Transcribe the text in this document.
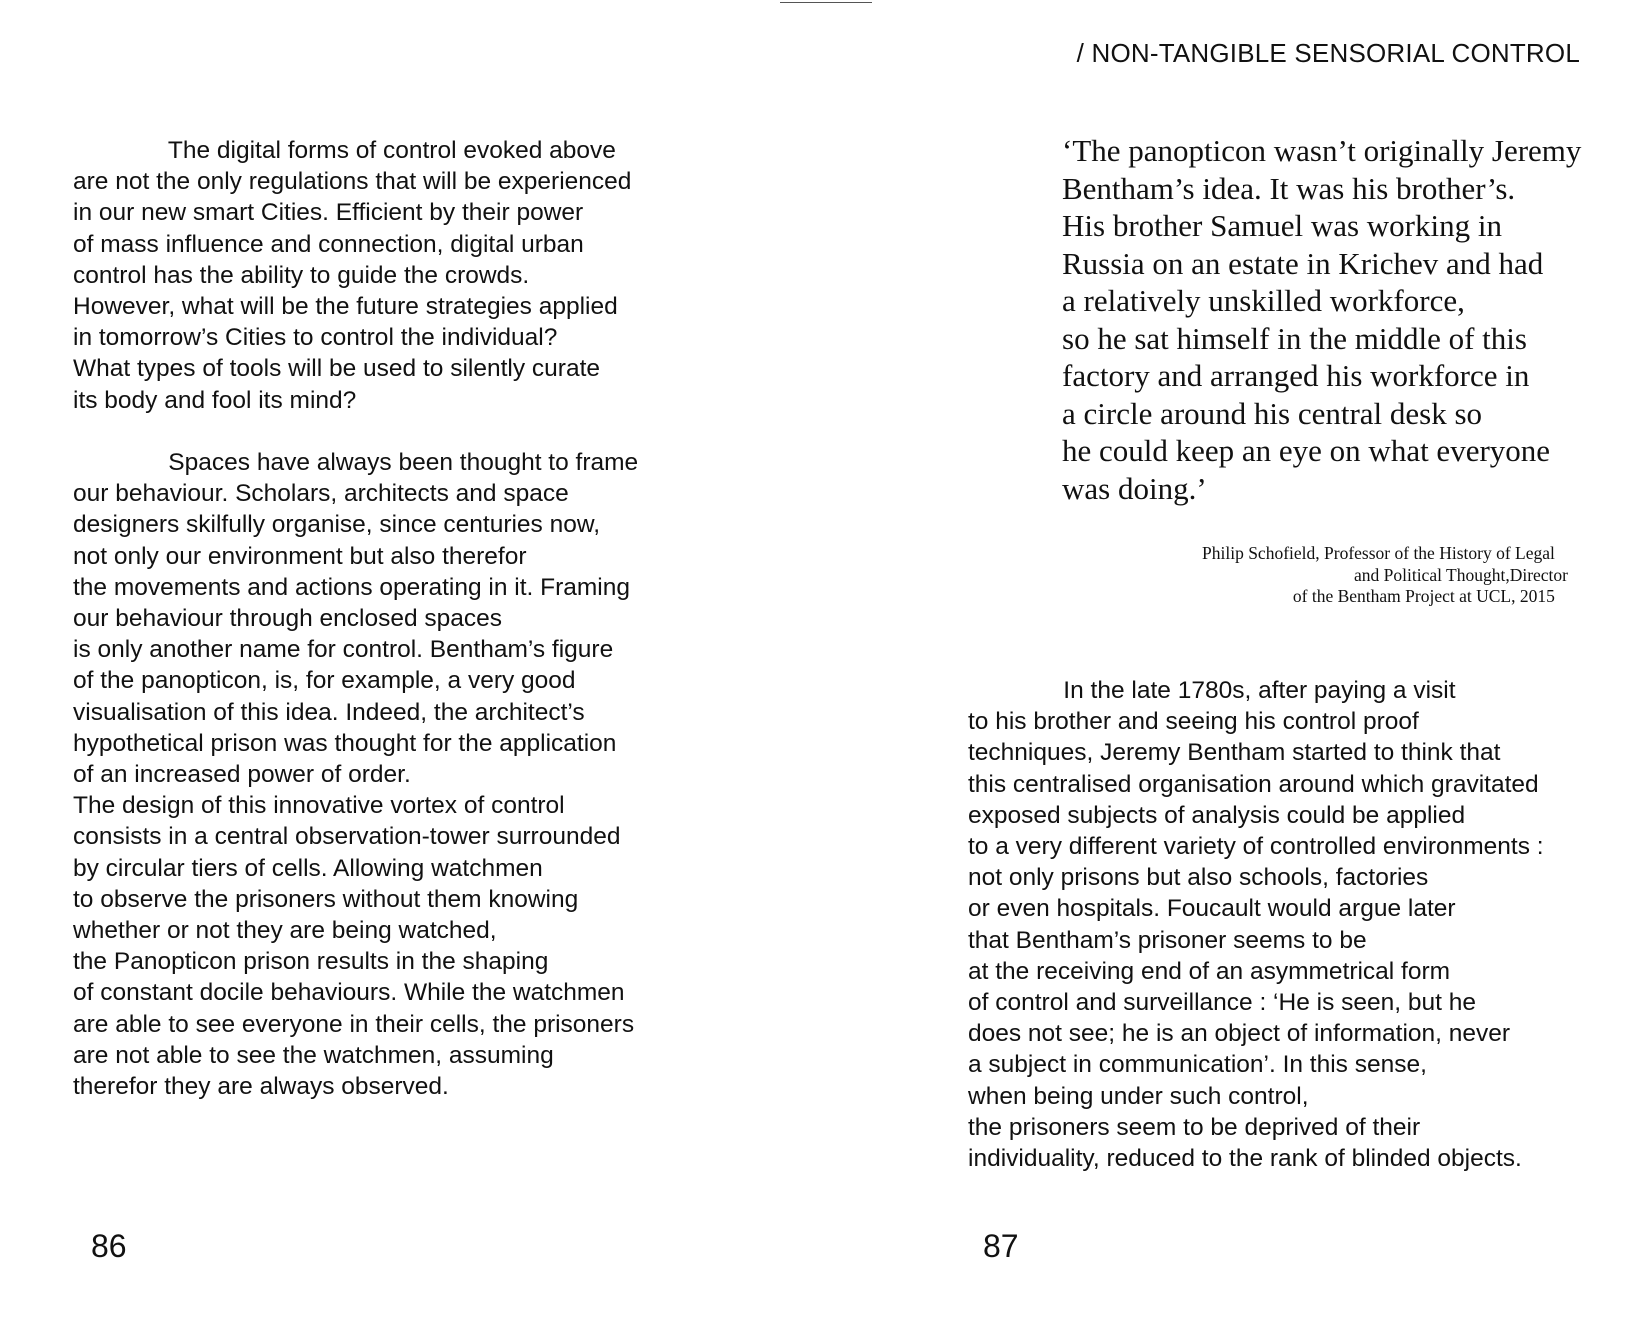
/ NON-TANGIBLE SENSORIAL CONTROL
The digital forms of control evoked above
are not the only regulations that will be experienced
in our new smart Cities. Efficient by their power
of mass influence and connection, digital urban
control has the ability to guide the crowds.
However, what will be the future strategies applied
in tomorrow’s Cities to control the individual?
What types of tools will be used to silently curate
its body and fool its mind?
Spaces have always been thought to frame
our behaviour. Scholars, architects and space
designers skilfully organise, since centuries now,
not only our environment but also therefor
the movements and actions operating in it. Framing
our behaviour through enclosed spaces
is only another name for control. Bentham’s figure
of the panopticon, is, for example, a very good
visualisation of this idea. Indeed, the architect’s
hypothetical prison was thought for the application
of an increased power of order.
The design of this innovative vortex of control
consists in a central observation-tower surrounded
by circular tiers of cells. Allowing watchmen
to observe the prisoners without them knowing
whether or not they are being watched,
the Panopticon prison results in the shaping
of constant docile behaviours. While the watchmen
are able to see everyone in their cells, the prisoners
are not able to see the watchmen, assuming
therefor they are always observed.
86
‘The panopticon wasn’t originally Jeremy
Bentham’s idea. It was his brother’s.
His brother Samuel was working in
Russia on an estate in Krichev and had
a relatively unskilled workforce,
so he sat himself in the middle of this
factory and arranged his workforce in
a circle around his central desk so
he could keep an eye on what everyone
was doing.’
Philip Schofield, Professor of the History of Legal
and Political Thought,Director
of the Bentham Project at UCL, 2015
In the late 1780s, after paying a visit
to his brother and seeing his control proof
techniques, Jeremy Bentham started to think that
this centralised organisation around which gravitated
exposed subjects of analysis could be applied
to a very different variety of controlled environments :
not only prisons but also schools, factories
or even hospitals. Foucault would argue later
that Bentham’s prisoner seems to be
at the receiving end of an asymmetrical form
of control and surveillance : ‘He is seen, but he
does not see; he is an object of information, never
a subject in communication’. In this sense,
when being under such control,
the prisoners seem to be deprived of their
individuality, reduced to the rank of blinded objects.
87
